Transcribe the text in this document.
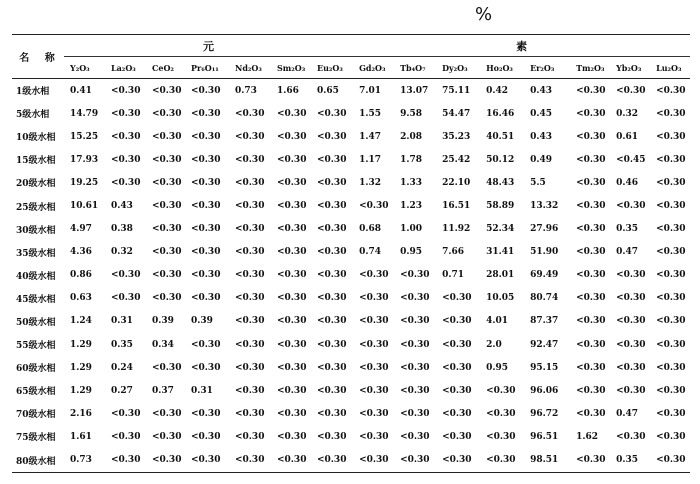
%
名 称	元							素							
	Y₂O₃	La₂O₃	CeO₂	Pr₆O₁₁	Nd₂O₃	Sm₂O₃	Eu₂O₃	Gd₂O₃	Tb₄O₇	Dy₂O₃	Ho₂O₃	Er₂O₃	Tm₂O₃	Yb₂O₃	Lu₂O₃
1级水相	0.41	<0.30	<0.30	<0.30	0.73	1.66	0.65	7.01	13.07	75.11	0.42	0.43	<0.30	<0.30	<0.30
5级水相	14.79	<0.30	<0.30	<0.30	<0.30	<0.30	<0.30	1.55	9.58	54.47	16.46	0.45	<0.30	0.32	<0.30
10级水相	15.25	<0.30	<0.30	<0.30	<0.30	<0.30	<0.30	1.47	2.08	35.23	40.51	0.43	<0.30	0.61	<0.30
15级水相	17.93	<0.30	<0.30	<0.30	<0.30	<0.30	<0.30	1.17	1.78	25.42	50.12	0.49	<0.30	<0.45	<0.30
20级水相	19.25	<0.30	<0.30	<0.30	<0.30	<0.30	<0.30	1.32	1.33	22.10	48.43	5.5	<0.30	0.46	<0.30
25级水相	10.61	0.43	<0.30	<0.30	<0.30	<0.30	<0.30	<0.30	1.23	16.51	58.89	13.32	<0.30	<0.30	<0.30
30级水相	4.97	0.38	<0.30	<0.30	<0.30	<0.30	<0.30	0.68	1.00	11.92	52.34	27.96	<0.30	0.35	<0.30
35级水相	4.36	0.32	<0.30	<0.30	<0.30	<0.30	<0.30	0.74	0.95	7.66	31.41	51.90	<0.30	0.47	<0.30
40级水相	0.86	<0.30	<0.30	<0.30	<0.30	<0.30	<0.30	<0.30	<0.30	0.71	28.01	69.49	<0.30	<0.30	<0.30
45级水相	0.63	<0.30	<0.30	<0.30	<0.30	<0.30	<0.30	<0.30	<0.30	<0.30	10.05	80.74	<0.30	<0.30	<0.30
50级水相	1.24	0.31	0.39	0.39	<0.30	<0.30	<0.30	<0.30	<0.30	<0.30	4.01	87.37	<0.30	<0.30	<0.30
55级水相	1.29	0.35	0.34	<0.30	<0.30	<0.30	<0.30	<0.30	<0.30	<0.30	2.0	92.47	<0.30	<0.30	<0.30
60级水相	1.29	0.24	<0.30	<0.30	<0.30	<0.30	<0.30	<0.30	<0.30	<0.30	0.95	95.15	<0.30	<0.30	<0.30
65级水相	1.29	0.27	0.37	0.31	<0.30	<0.30	<0.30	<0.30	<0.30	<0.30	<0.30	96.06	<0.30	<0.30	<0.30
70级水相	2.16	<0.30	<0.30	<0.30	<0.30	<0.30	<0.30	<0.30	<0.30	<0.30	<0.30	96.72	<0.30	0.47	<0.30
75级水相	1.61	<0.30	<0.30	<0.30	<0.30	<0.30	<0.30	<0.30	<0.30	<0.30	<0.30	96.51	1.62	<0.30	<0.30
80级水相	0.73	<0.30	<0.30	<0.30	<0.30	<0.30	<0.30	<0.30	<0.30	<0.30	<0.30	98.51	<0.30	0.35	<0.30
